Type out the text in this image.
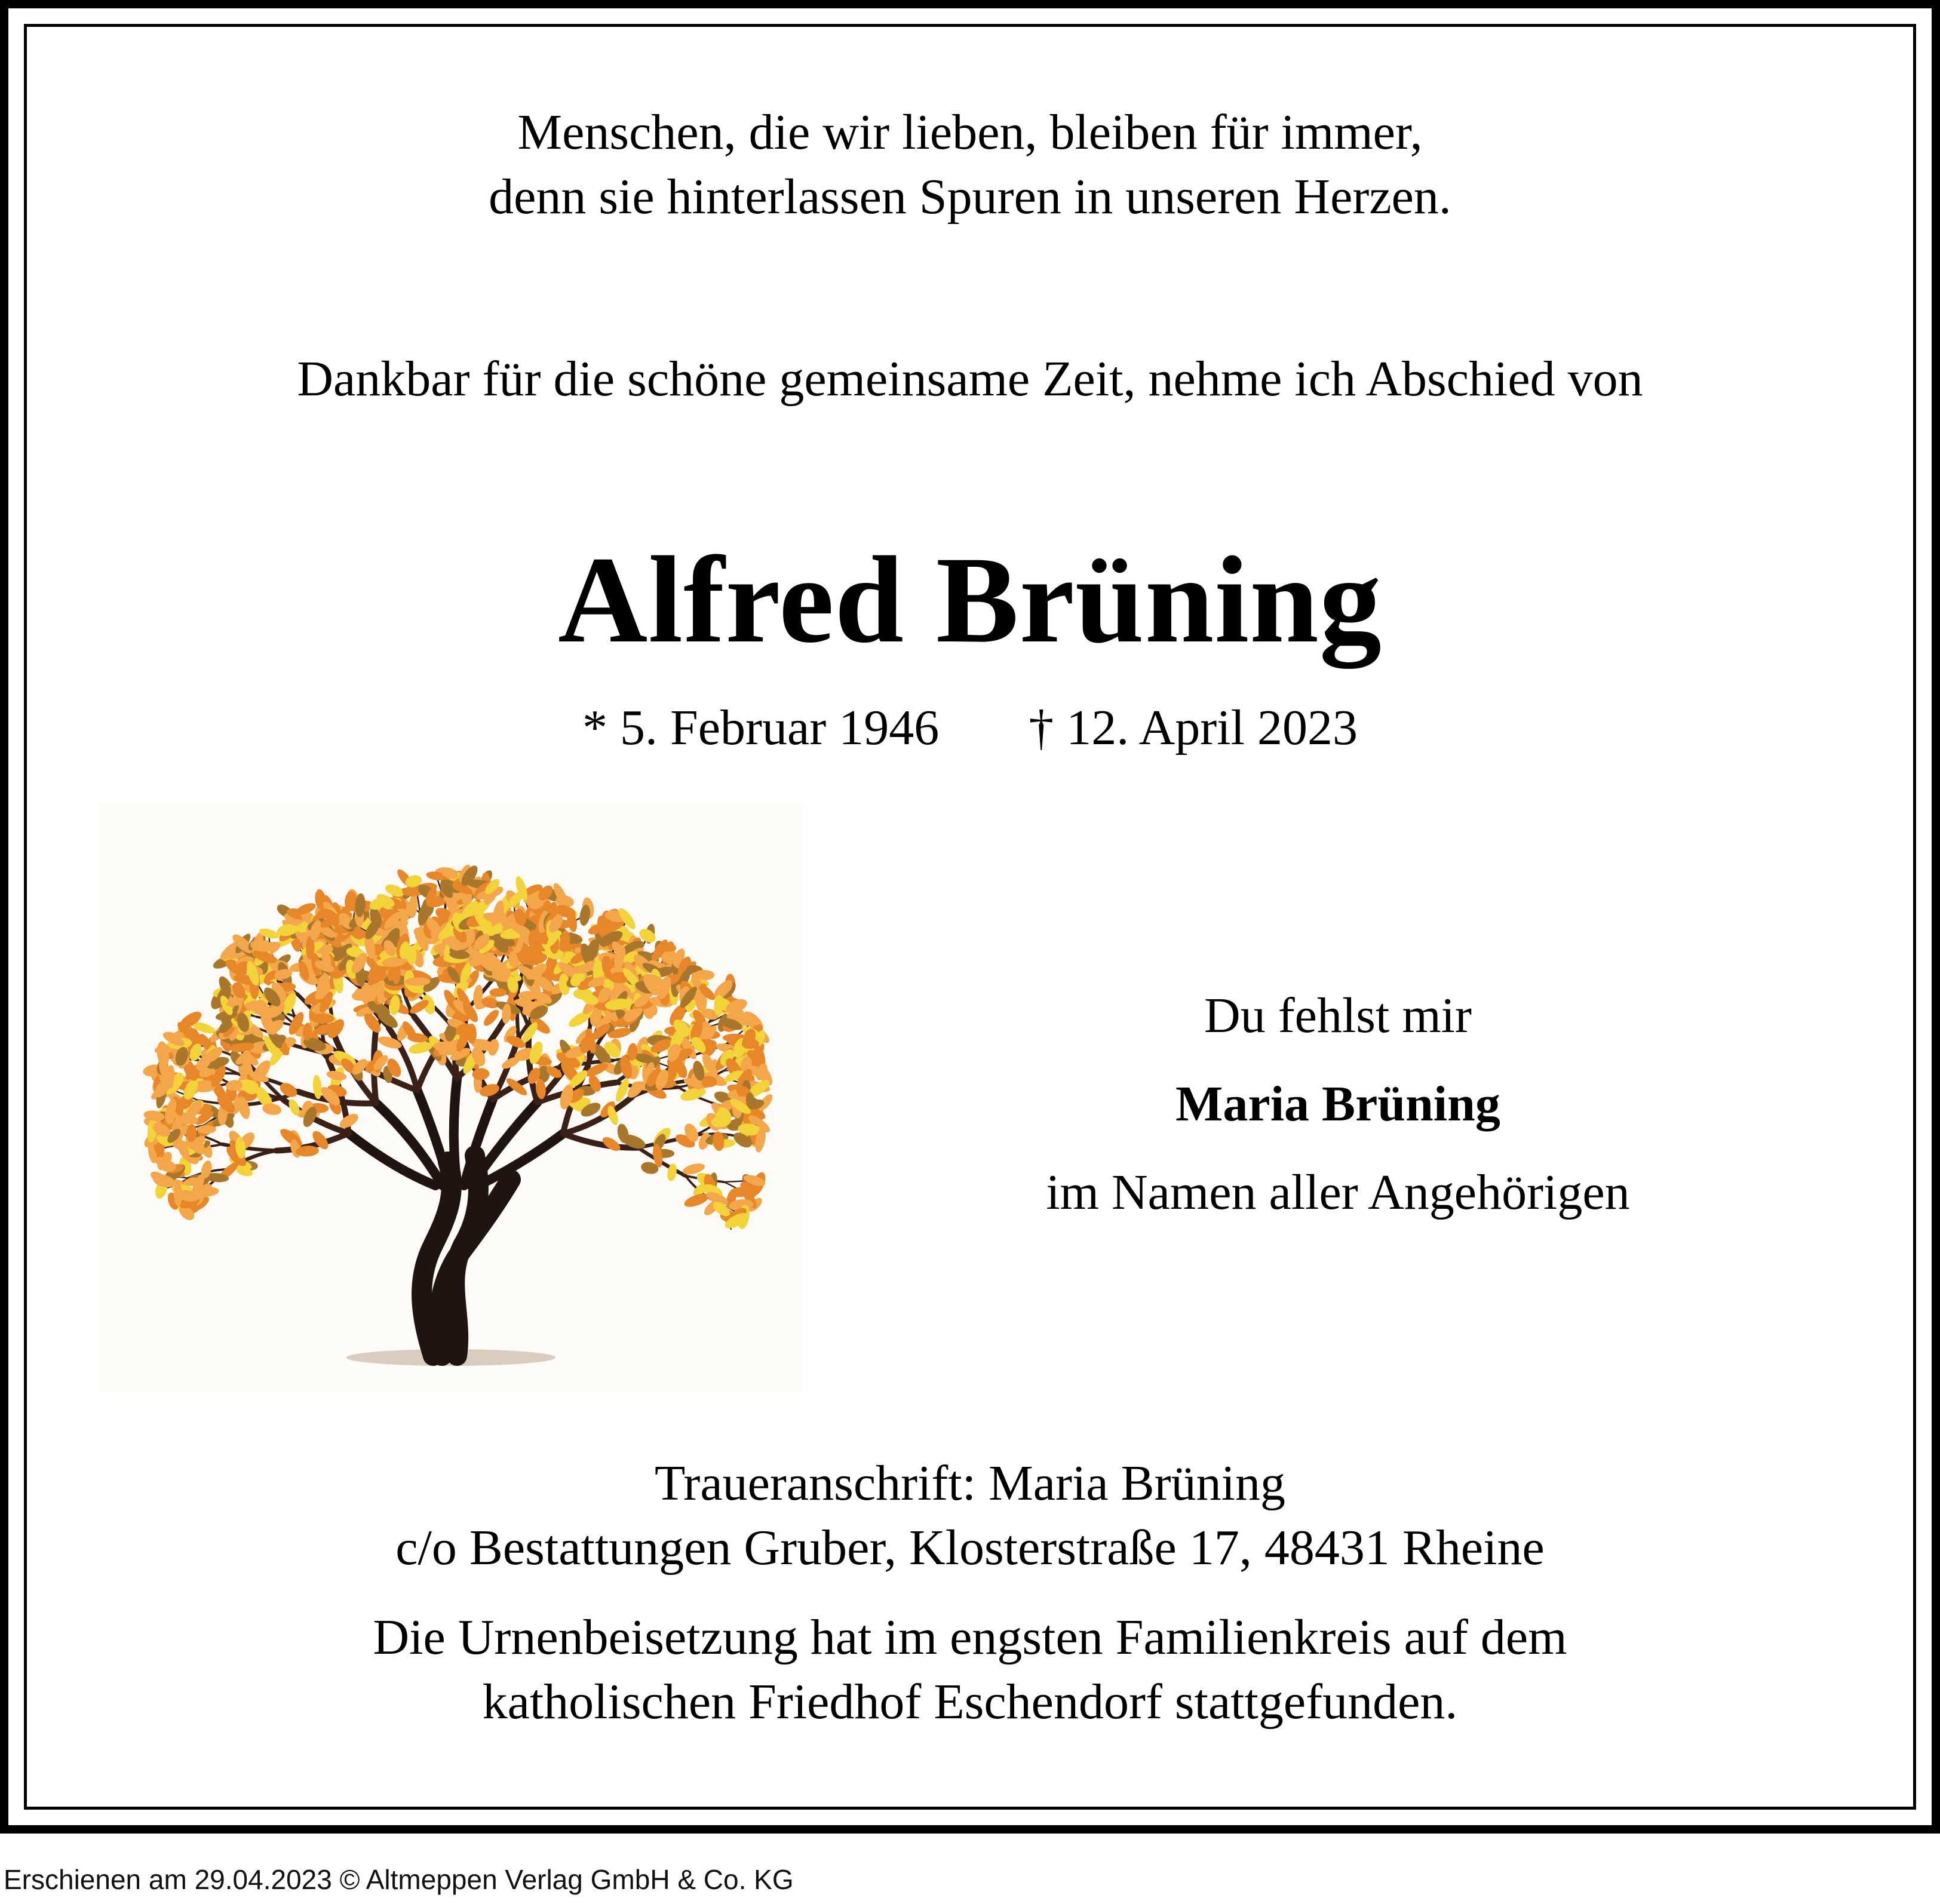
Menschen, die wir lieben, bleiben für immer,
denn sie hinterlassen Spuren in unseren Herzen.
Dankbar für die schöne gemeinsame Zeit, nehme ich Abschied von
Alfred Brüning
* 5. Februar 1946 † 12. April 2023
Du fehlst mir
Maria Brüning
im Namen aller Angehörigen
Traueranschrift: Maria Brüning
c/o Bestattungen Gruber, Klosterstraße 17, 48431 Rheine
Die Urnenbeisetzung hat im engsten Familienkreis auf dem
katholischen Friedhof Eschendorf stattgefunden.
Erschienen am 29.04.2023 © Altmeppen Verlag GmbH & Co. KG
